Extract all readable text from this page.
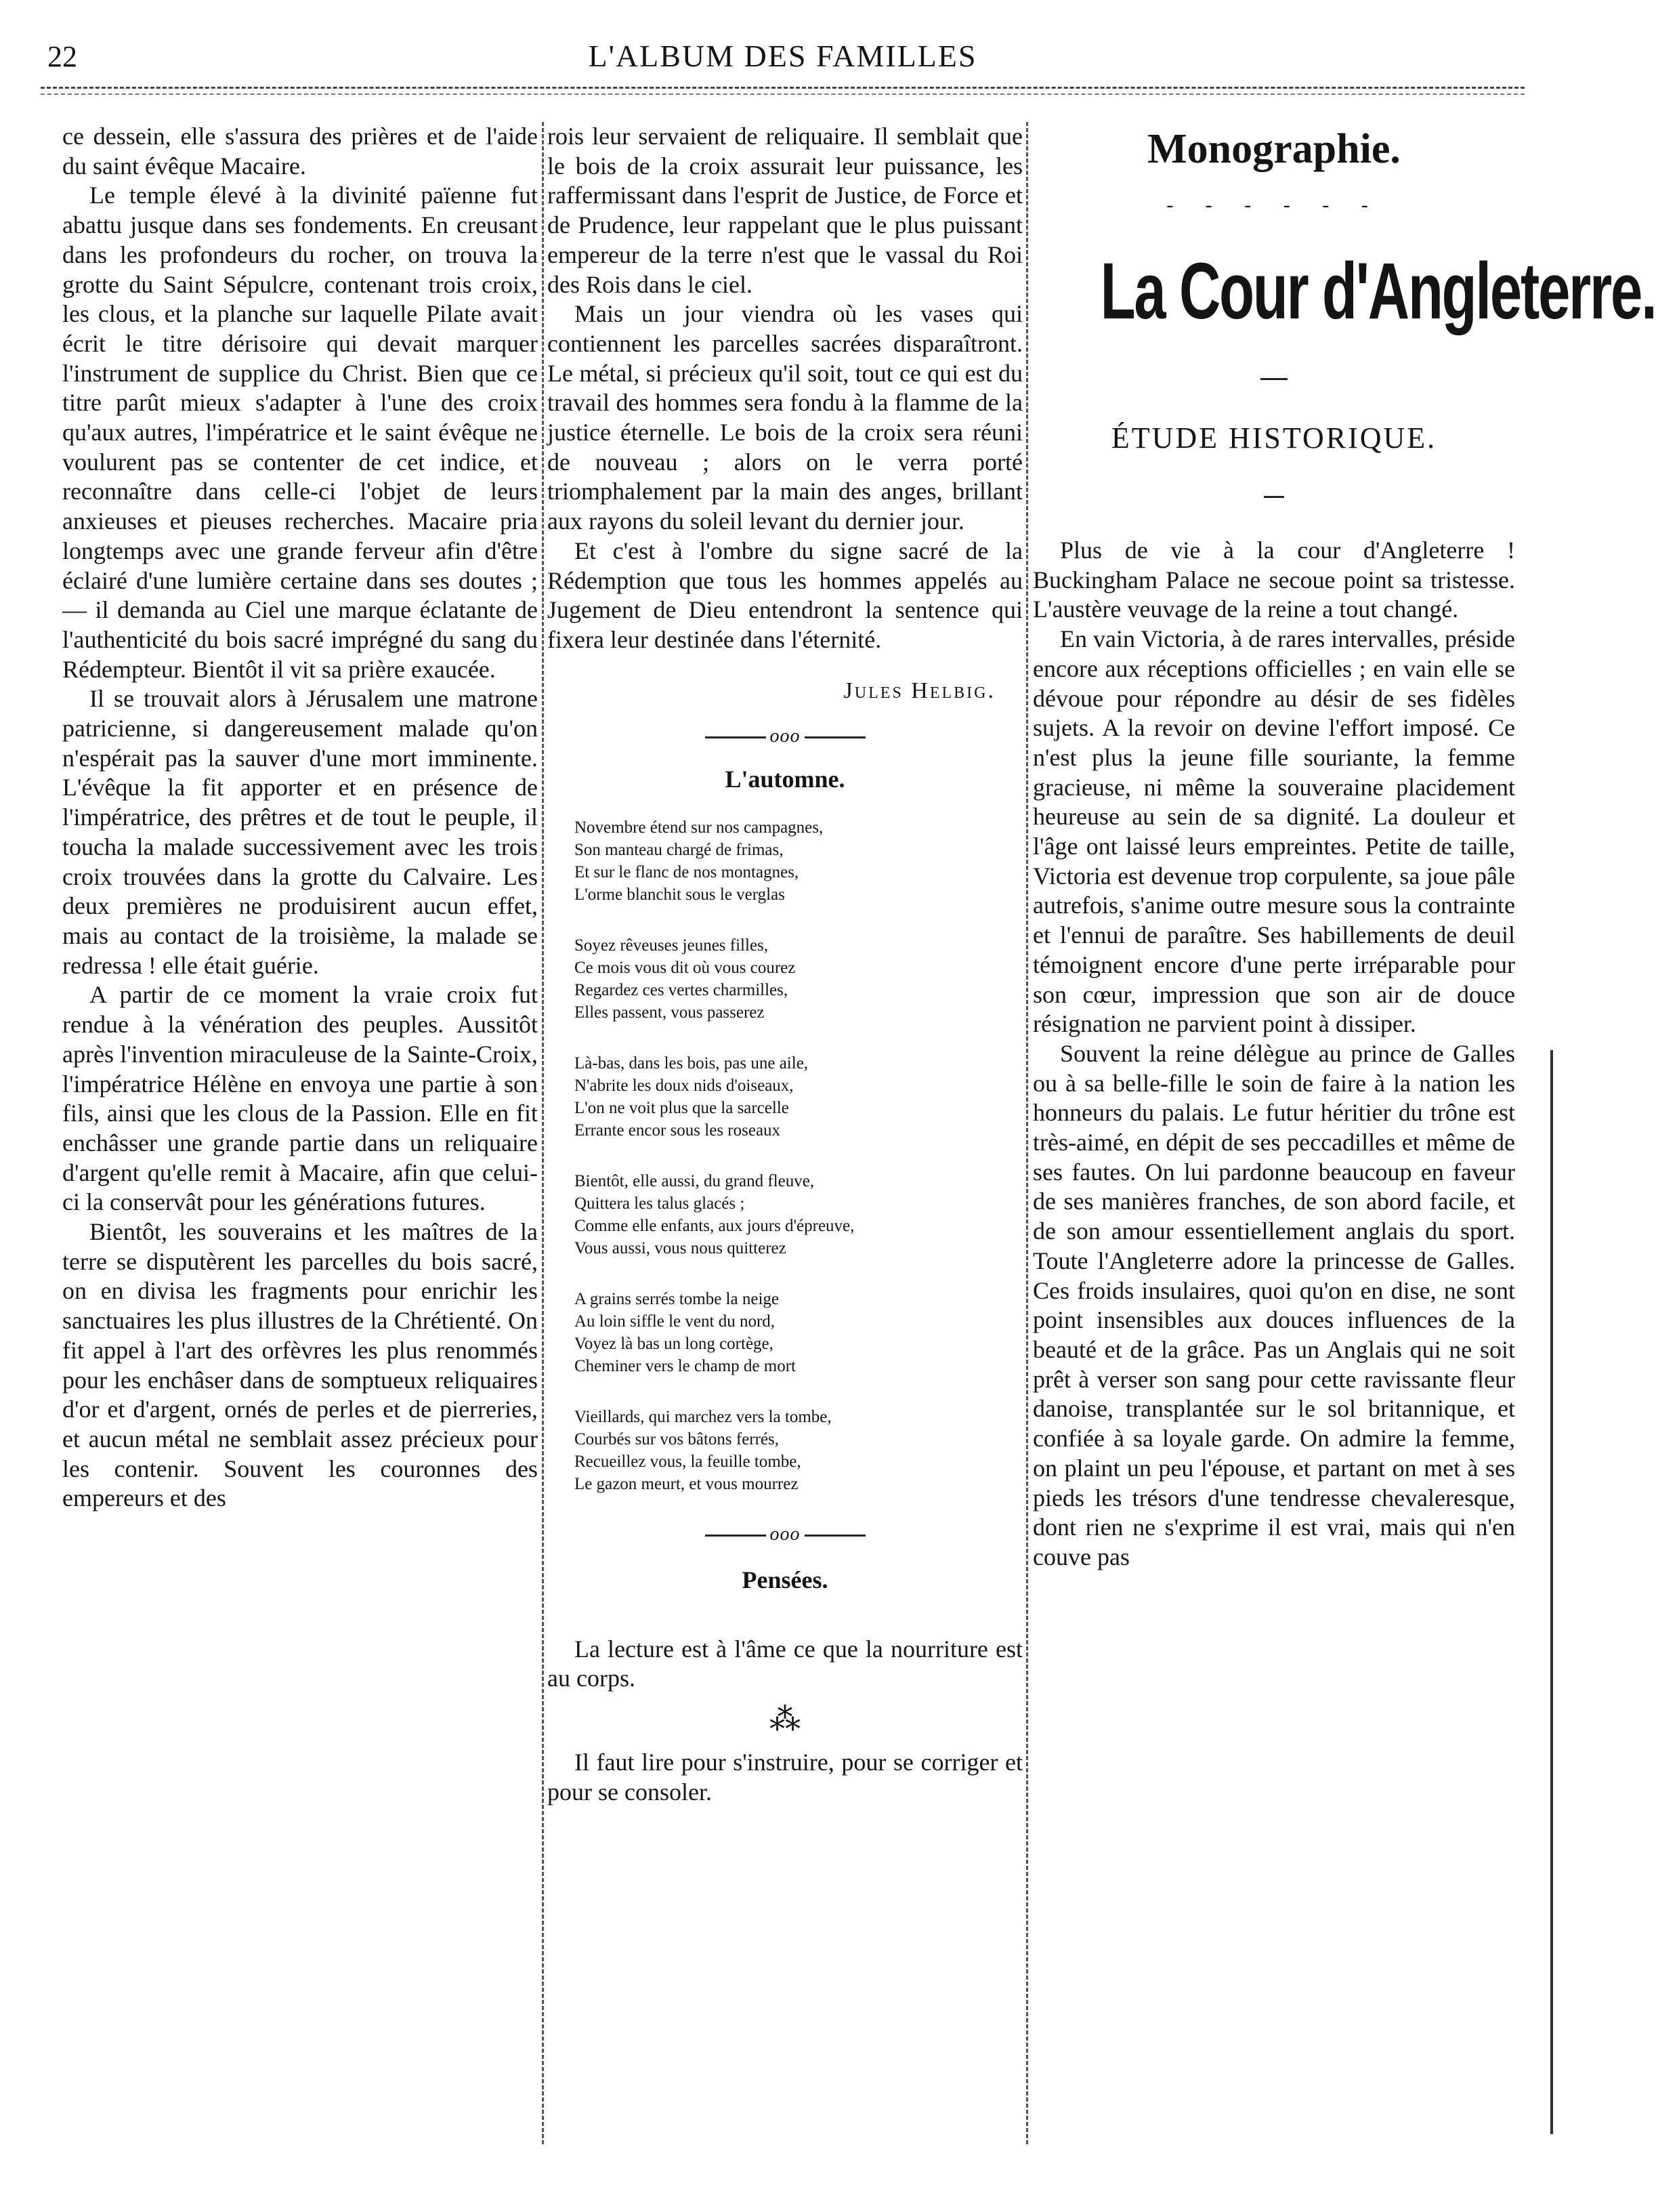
22	L'ALBUM DES FAMILLES

ce dessein, elle s'assura des prières et de l'aide du saint évêque Macaire.

Le temple élevé à la divinité païenne fut abattu jusque dans ses fondements. En creusant dans les profondeurs du rocher, on trouva la grotte du Saint Sépulcre, contenant trois croix, les clous, et la planche sur laquelle Pilate avait écrit le titre dérisoire qui devait marquer l'instrument de supplice du Christ. Bien que ce titre parût mieux s'adapter à l'une des croix qu'aux autres, l'impératrice et le saint évêque ne voulurent pas se contenter de cet indice, et reconnaître dans celle-ci l'objet de leurs anxieuses et pieuses recherches. Macaire pria longtemps avec une grande ferveur afin d'être éclairé d'une lumière certaine dans ses doutes ; — il demanda au Ciel une marque éclatante de l'authenticité du bois sacré imprégné du sang du Rédempteur. Bientôt il vit sa prière exaucée.

Il se trouvait alors à Jérusalem une matrone patricienne, si dangereusement malade qu'on n'espérait pas la sauver d'une mort imminente. L'évêque la fit apporter et en présence de l'impératrice, des prêtres et de tout le peuple, il toucha la malade successivement avec les trois croix trouvées dans la grotte du Calvaire. Les deux premières ne produisirent aucun effet, mais au contact de la troisième, la malade se redressa ! elle était guérie.

A partir de ce moment la vraie croix fut rendue à la vénération des peuples. Aussitôt après l'invention miraculeuse de la Sainte-Croix, l'impératrice Hélène en envoya une partie à son fils, ainsi que les clous de la Passion. Elle en fit enchâsser une grande partie dans un reliquaire d'argent qu'elle remit à Macaire, afin que celui-ci la conservât pour les générations futures.

Bientôt, les souverains et les maîtres de la terre se disputèrent les parcelles du bois sacré, on en divisa les fragments pour enrichir les sanctuaires les plus illustres de la Chrétienté. On fit appel à l'art des orfèvres les plus renommés pour les enchâser dans de somptueux reliquaires d'or et d'argent, ornés de perles et de pierreries, et aucun métal ne semblait assez précieux pour les contenir. Souvent les couronnes des empereurs et des

rois leur servaient de reliquaire. Il semblait que le bois de la croix assurait leur puissance, les raffermissant dans l'esprit de Justice, de Force et de Prudence, leur rappelant que le plus puissant empereur de la terre n'est que le vassal du Roi des Rois dans le ciel.

Mais un jour viendra où les vases qui contiennent les parcelles sacrées disparaîtront. Le métal, si précieux qu'il soit, tout ce qui est du travail des hommes sera fondu à la flamme de la justice éternelle. Le bois de la croix sera réuni de nouveau ; alors on le verra porté triomphalement par la main des anges, brillant aux rayons du soleil levant du dernier jour.

Et c'est à l'ombre du signe sacré de la Rédemption que tous les hommes appelés au Jugement de Dieu entendront la sentence qui fixera leur destinée dans l'éternité.

Jules Helbig.
ooo
L'automne.
Novembre étend sur nos campagnes,
Son manteau chargé de frimas,
Et sur le flanc de nos montagnes,
L'orme blanchit sous le verglas
Soyez rêveuses jeunes filles,
Ce mois vous dit où vous courez
Regardez ces vertes charmilles,
Elles passent, vous passerez
Là-bas, dans les bois, pas une aile,
N'abrite les doux nids d'oiseaux,
L'on ne voit plus que la sarcelle
Errante encor sous les roseaux
Bientôt, elle aussi, du grand fleuve,
Quittera les talus glacés ;
Comme elle enfants, aux jours d'épreuve,
Vous aussi, vous nous quitterez
A grains serrés tombe la neige
Au loin siffle le vent du nord,
Voyez là bas un long cortège,
Cheminer vers le champ de mort
Vieillards, qui marchez vers la tombe,
Courbés sur vos bâtons ferrés,
Recueillez vous, la feuille tombe,
Le gazon meurt, et vous mourrez
ooo
Pensées.

La lecture est à l'âme ce que la nourriture est au corps.

⁂

Il faut lire pour s'instruire, pour se corriger et pour se consoler.

Monographie.
- - - - - -
La Cour d'Angleterre.
ÉTUDE HISTORIQUE.

Plus de vie à la cour d'Angleterre ! Buckingham Palace ne secoue point sa tristesse. L'austère veuvage de la reine a tout changé.

En vain Victoria, à de rares intervalles, préside encore aux réceptions officielles ; en vain elle se dévoue pour répondre au désir de ses fidèles sujets. A la revoir on devine l'effort imposé. Ce n'est plus la jeune fille souriante, la femme gracieuse, ni même la souveraine placidement heureuse au sein de sa dignité. La douleur et l'âge ont laissé leurs empreintes. Petite de taille, Victoria est devenue trop corpulente, sa joue pâle autrefois, s'anime outre mesure sous la contrainte et l'ennui de paraître. Ses habillements de deuil témoignent encore d'une perte irréparable pour son cœur, impression que son air de douce résignation ne parvient point à dissiper.

Souvent la reine délègue au prince de Galles ou à sa belle-fille le soin de faire à la nation les honneurs du palais. Le futur héritier du trône est très-aimé, en dépit de ses peccadilles et même de ses fautes. On lui pardonne beaucoup en faveur de ses manières franches, de son abord facile, et de son amour essentiellement anglais du sport. Toute l'Angleterre adore la princesse de Galles. Ces froids insulaires, quoi qu'on en dise, ne sont point insensibles aux douces influences de la beauté et de la grâce. Pas un Anglais qui ne soit prêt à verser son sang pour cette ravissante fleur danoise, transplantée sur le sol britannique, et confiée à sa loyale garde. On admire la femme, on plaint un peu l'épouse, et partant on met à ses pieds les trésors d'une tendresse chevaleresque, dont rien ne s'exprime il est vrai, mais qui n'en couve pas
